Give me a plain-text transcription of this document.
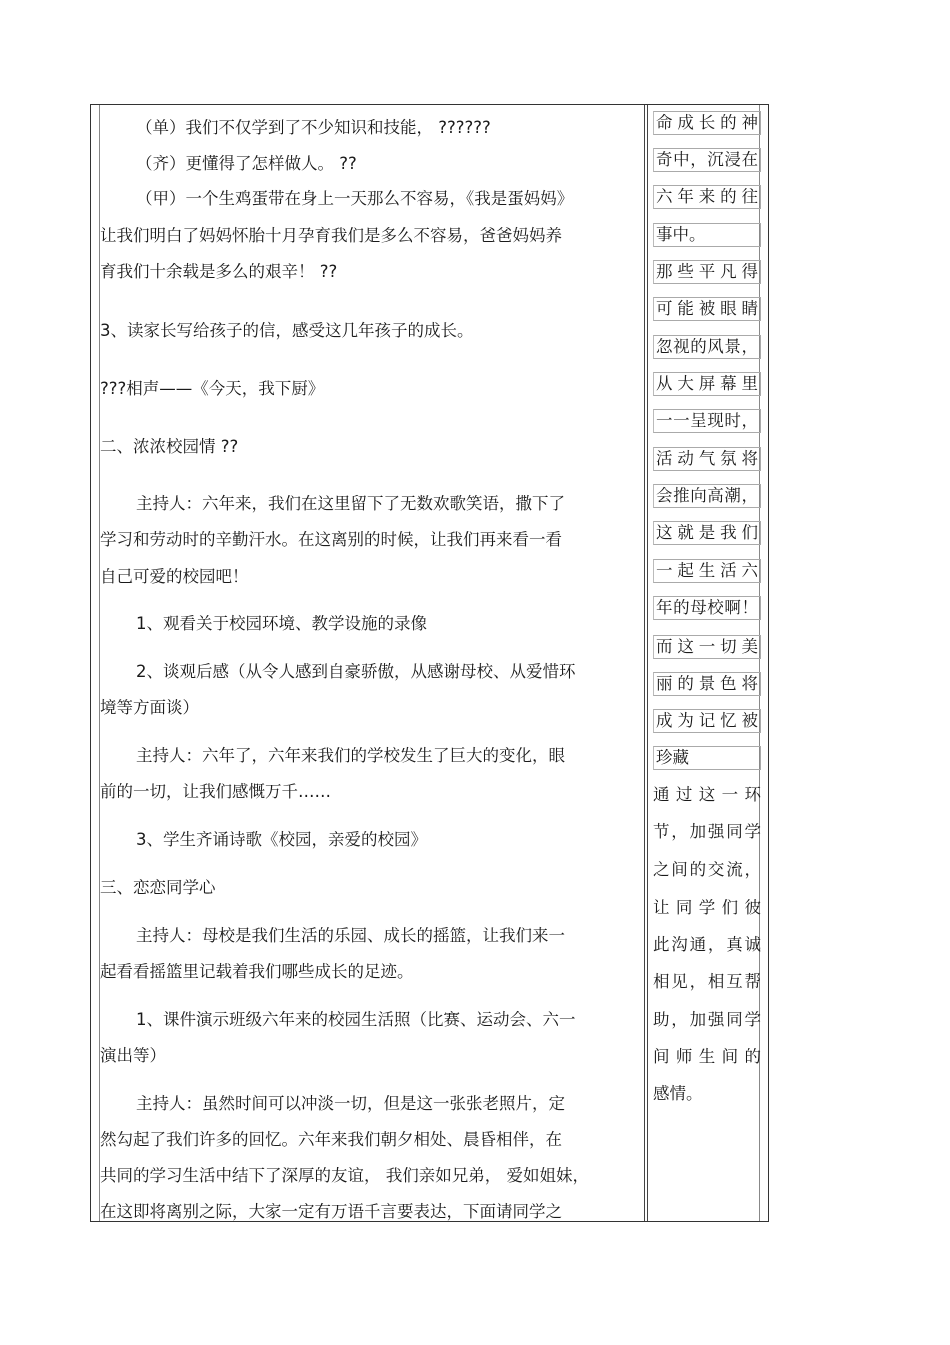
（单）我们不仅学到了不少知识和技能， ??????
（齐）更懂得了怎样做人。 ??
（甲）一个生鸡蛋带在身上一天那么不容易，《我是蛋妈妈》
让我们明白了妈妈怀胎十月孕育我们是多么不容易，爸爸妈妈养
育我们十余载是多么的艰辛！ ??
3、读家长写给孩子的信，感受这几年孩子的成长。
???相声——《今天，我下厨》
二、浓浓校园情 ??
主持人：六年来，我们在这里留下了无数欢歌笑语，撒下了
学习和劳动时的辛勤汗水。在这离别的时候，让我们再来看一看
自己可爱的校园吧！
1、观看关于校园环境、教学设施的录像
2、谈观后感（从令人感到自豪骄傲，从感谢母校、从爱惜环
境等方面谈）
主持人：六年了，六年来我们的学校发生了巨大的变化，眼
前的一切，让我们感慨万千……
3、学生齐诵诗歌《校园，亲爱的校园》
三、恋恋同学心
主持人：母校是我们生活的乐园、成长的摇篮，让我们来一
起看看摇篮里记载着我们哪些成长的足迹。
1、课件演示班级六年来的校园生活照（比赛、运动会、六一
演出等）
主持人：虽然时间可以冲淡一切，但是这一张张老照片，定
然勾起了我们许多的回忆。六年来我们朝夕相处、晨昏相伴，在
共同的学习生活中结下了深厚的友谊， 我们亲如兄弟， 爱如姐妹，
在这即将离别之际，大家一定有万语千言要表达，下面请同学之
命成长的神
奇中，沉浸在
六年来的往
事中。
那些平凡得
可能被眼睛
忽视的风景，
从大屏幕里
一一呈现时，
活动气氛将
会推向高潮，
这就是我们
一起生活六
年的母校啊！
而这一切美
丽的景色将
成为记忆被
珍藏
通过这一环
节，加强同学
之间的交流，
让同学们彼
此沟通，真诚
相见，相互帮
助，加强同学
间师生间的
感情。
